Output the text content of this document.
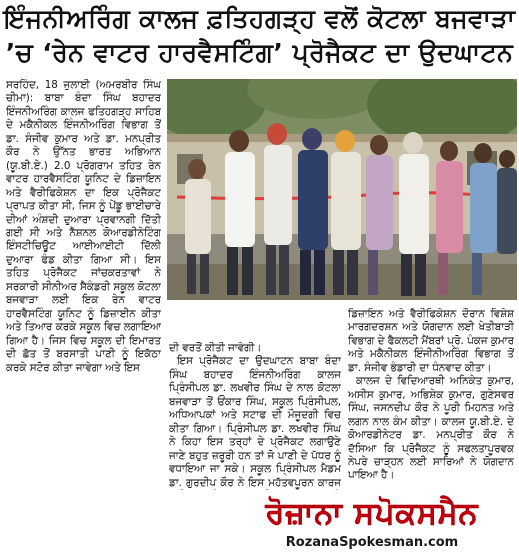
ਇੰਜਨੀਅਰਿੰਗ ਕਾਲਜ ਫ਼ਤਿਹਗੜ੍ਹ ਵਲੋਂ ਕੋਟਲਾ ਬਜਵਾੜਾ
’ਚ ‘ਰੇਨ ਵਾਟਰ ਹਾਰਵੈਸਟਿੰਗ’ ਪ੍ਰੋਜੈਕਟ ਦਾ ਉਦਘਾਟਨ

ਸਰਹਿੰਦ, 18 ਜੁਲਾਈ (ਅਮਰਬੀਰ ਸਿੰਘ ਚੀਮਾ): ਬਾਬਾ ਬੰਦਾ ਸਿੰਘ ਬਹਾਦਰ ਇੰਜਨੀਅਰਿੰਗ ਕਾਲਜ ਫਤਿਹਗੜ੍ਹ ਸਾਹਿਬ ਦੇ ਮਕੈਨੀਕਲ ਇੰਜਨੀਅਰਿੰਗ ਵਿਭਾਗ ਤੋਂ ਡਾ. ਸੰਜੀਵ ਕੁਮਾਰ ਅਤੇ ਡਾ. ਮਨਪ੍ਰੀਤ ਕੌਰ ਨੇ ਉੱਨਤ ਭਾਰਤ ਅਭਿਆਨ (ਯੂ.ਬੀ.ਏ.) 2.0 ਪ੍ਰੋਗਰਾਮ ਤਹਿਤ ਰੇਨ ਵਾਟਰ ਹਾਰਵੈਸਟਿੰਗ ਯੂਨਿਟ ਦੇ ਡਿਜ਼ਾਇਨ ਅਤੇ ਵੈਰੀਫਿਕੇਸ਼ਨ ਦਾ ਇਕ ਪ੍ਰੋਜੈਕਟ ਪ੍ਰਾਪਤ ਕੀਤਾ ਸੀ, ਜਿਸ ਨੂੰ ਪੇਂਡੂ ਭਾਈਚਾਰੇ ਦੀਆਂ ਅੰਸ਼ਦੀ ਦੁਆਰਾ ਪ੍ਰਵਾਨਗੀ ਦਿੱਤੀ ਗਈ ਸੀ ਅਤੇ ਨੈਸ਼ਨਲ ਕੋਆਰਡੀਨੇਟਿੰਗ ਇੰਸਟੀਚਿਊਟ ਆਈਆਈਟੀ ਦਿੱਲੀ ਦੁਆਰਾ ਫੰਡ ਕੀਤਾ ਗਿਆ ਸੀ। ਇਸ ਤਹਿਤ ਪ੍ਰੋਜੈਕਟ ਜਾਂਚਕਰਤਾਵਾਂ ਨੇ ਸਰਕਾਰੀ ਸੀਨੀਅਰ ਸੈਕੰਡਰੀ ਸਕੂਲ ਕੋਟਲਾ ਬਜਵਾੜਾ ਲਈ ਇਕ ਰੇਨ ਵਾਟਰ ਹਾਰਵੈਸਟਿੰਗ ਯੂਨਿਟ ਨੂੰ ਡਿਜ਼ਾਈਨ ਕੀਤਾ ਅਤੇ ਤਿਆਰ ਕਰਕੇ ਸਕੂਲ ਵਿਚ ਲਗਾਇਆ ਗਿਆ ਹੈ। ਜਿਸ ਵਿਚ ਸਕੂਲ ਦੀ ਇਮਾਰਤ ਦੀ ਛੱਤ ਤੋਂ ਬਰਸਾਤੀ ਪਾਣੀ ਨੂੰ ਇਕੱਠਾ ਕਰਕੇ ਸਟੋਰ ਕੀਤਾ ਜਾਵੇਗਾ ਅਤੇ ਇਸ

ਦੀ ਵਰਤੋਂ ਕੀਤੀ ਜਾਵੇਗੀ।

ਇਸ ਪ੍ਰੋਜੈਕਟ ਦਾ ਉਦਘਾਟਨ ਬਾਬਾ ਬੰਦਾ ਸਿੰਘ ਬਹਾਦਰ ਇੰਜਨੀਅਰਿੰਗ ਕਾਲਜ ਪ੍ਰਿੰਸੀਪਲ ਡਾ. ਲਖਵੀਰ ਸਿੰਘ ਦੇ ਨਾਲ ਕੋਟਲਾ ਬਜਵਾੜਾ ਤੋਂ ਓਂਕਾਰ ਸਿੰਘ, ਸਕੂਲ ਪ੍ਰਿੰਸੀਪਲ, ਅਧਿਆਪਕਾਂ ਅਤੇ ਸਟਾਫ ਦੀ ਮੌਜੂਦਗੀ ਵਿਚ ਕੀਤਾ ਗਿਆ। ਪ੍ਰਿੰਸੀਪਲ ਡਾ. ਲਖਵੀਰ ਸਿੰਘ ਨੇ ਕਿਹਾ ਇਸ ਤਰ੍ਹਾਂ ਦੇ ਪ੍ਰੋਜੈਕਟ ਲਗਾਉਣੇ ਜਾਣੇ ਬਹੁਤ ਜ਼ਰੂਰੀ ਹਨ ਤਾਂ ਜੋ ਪਾਣੀ ਦੇ ਪੱਧਰ ਨੂੰ ਵਧਾਇਆ ਜਾ ਸਕੇ। ਸਕੂਲ ਪ੍ਰਿੰਸੀਪਲ ਮੈਡਮ ਡਾ. ਗੁਰਦੀਪ ਕੌਰ ਨੇ ਇਸ ਮਹੱਤਵਪੂਰਨ ਕਾਰਜ

ਡਿਜ਼ਾਇਨ ਅਤੇ ਵੈਰੀਫਿਕੇਸ਼ਨ ਦੌਰਾਨ ਵਿਸ਼ੇਸ਼ ਮਾਰਗਦਰਸ਼ਨ ਅਤੇ ਯੋਗਦਾਨ ਲਈ ਖੇਤੀਬਾੜੀ ਵਿਭਾਗ ਦੇ ਫੈਕਲਟੀ ਮੈਂਬਰਾਂ ਪ੍ਰੋ. ਪੰਕਜ ਕੁਮਾਰ ਅਤੇ ਮਕੈਨੀਕਲ ਇੰਜੀਨੀਅਰਿੰਗ ਵਿਭਾਗ ਤੋਂ ਡਾ. ਸੰਜੀਵ ਭੰਡਾਰੀ ਦਾ ਧੰਨਵਾਦ ਕੀਤਾ।

ਕਾਲਜ ਦੇ ਵਿਦਿਆਰਥੀ ਅਨਿਕੇਤ ਕੁਮਾਰ, ਅਸੀਸ ਕੁਮਾਰ, ਅਭਿਸ਼ੇਕ ਕੁਮਾਰ, ਗੁਣੇਸਵਰ ਸਿੰਘ, ਜਸਨਦੀਪ ਕੌਰ ਨੇ ਪੂਰੀ ਮਿਹਨਤ ਅਤੇ ਲਗਨ ਨਾਲ ਕੰਮ ਕੀਤਾ। ਕਾਲਜ ਯੂ.ਬੀ.ਏ. ਦੇ ਕੋਆਰਡੀਨੇਟਰ ਡਾ. ਮਨਪ੍ਰੀਤ ਕੌਰ ਨੇ ਦੱਸਿਆ ਕਿ ਪ੍ਰੋਜੈਕਟ ਨੂੰ ਸਫਲਤਾਪੂਰਵਕ ਨੇਪਰੇ ਚਾੜ੍ਹਨ ਲਈ ਸਾਰਿਆਂ ਨੇ ਯੋਗਦਾਨ ਪਾਇਆ ਹੈ।

ਰੋਜ਼ਾਨਾ ਸਪੋਕਸਮੈਨ
RozanaSpokesman.com
